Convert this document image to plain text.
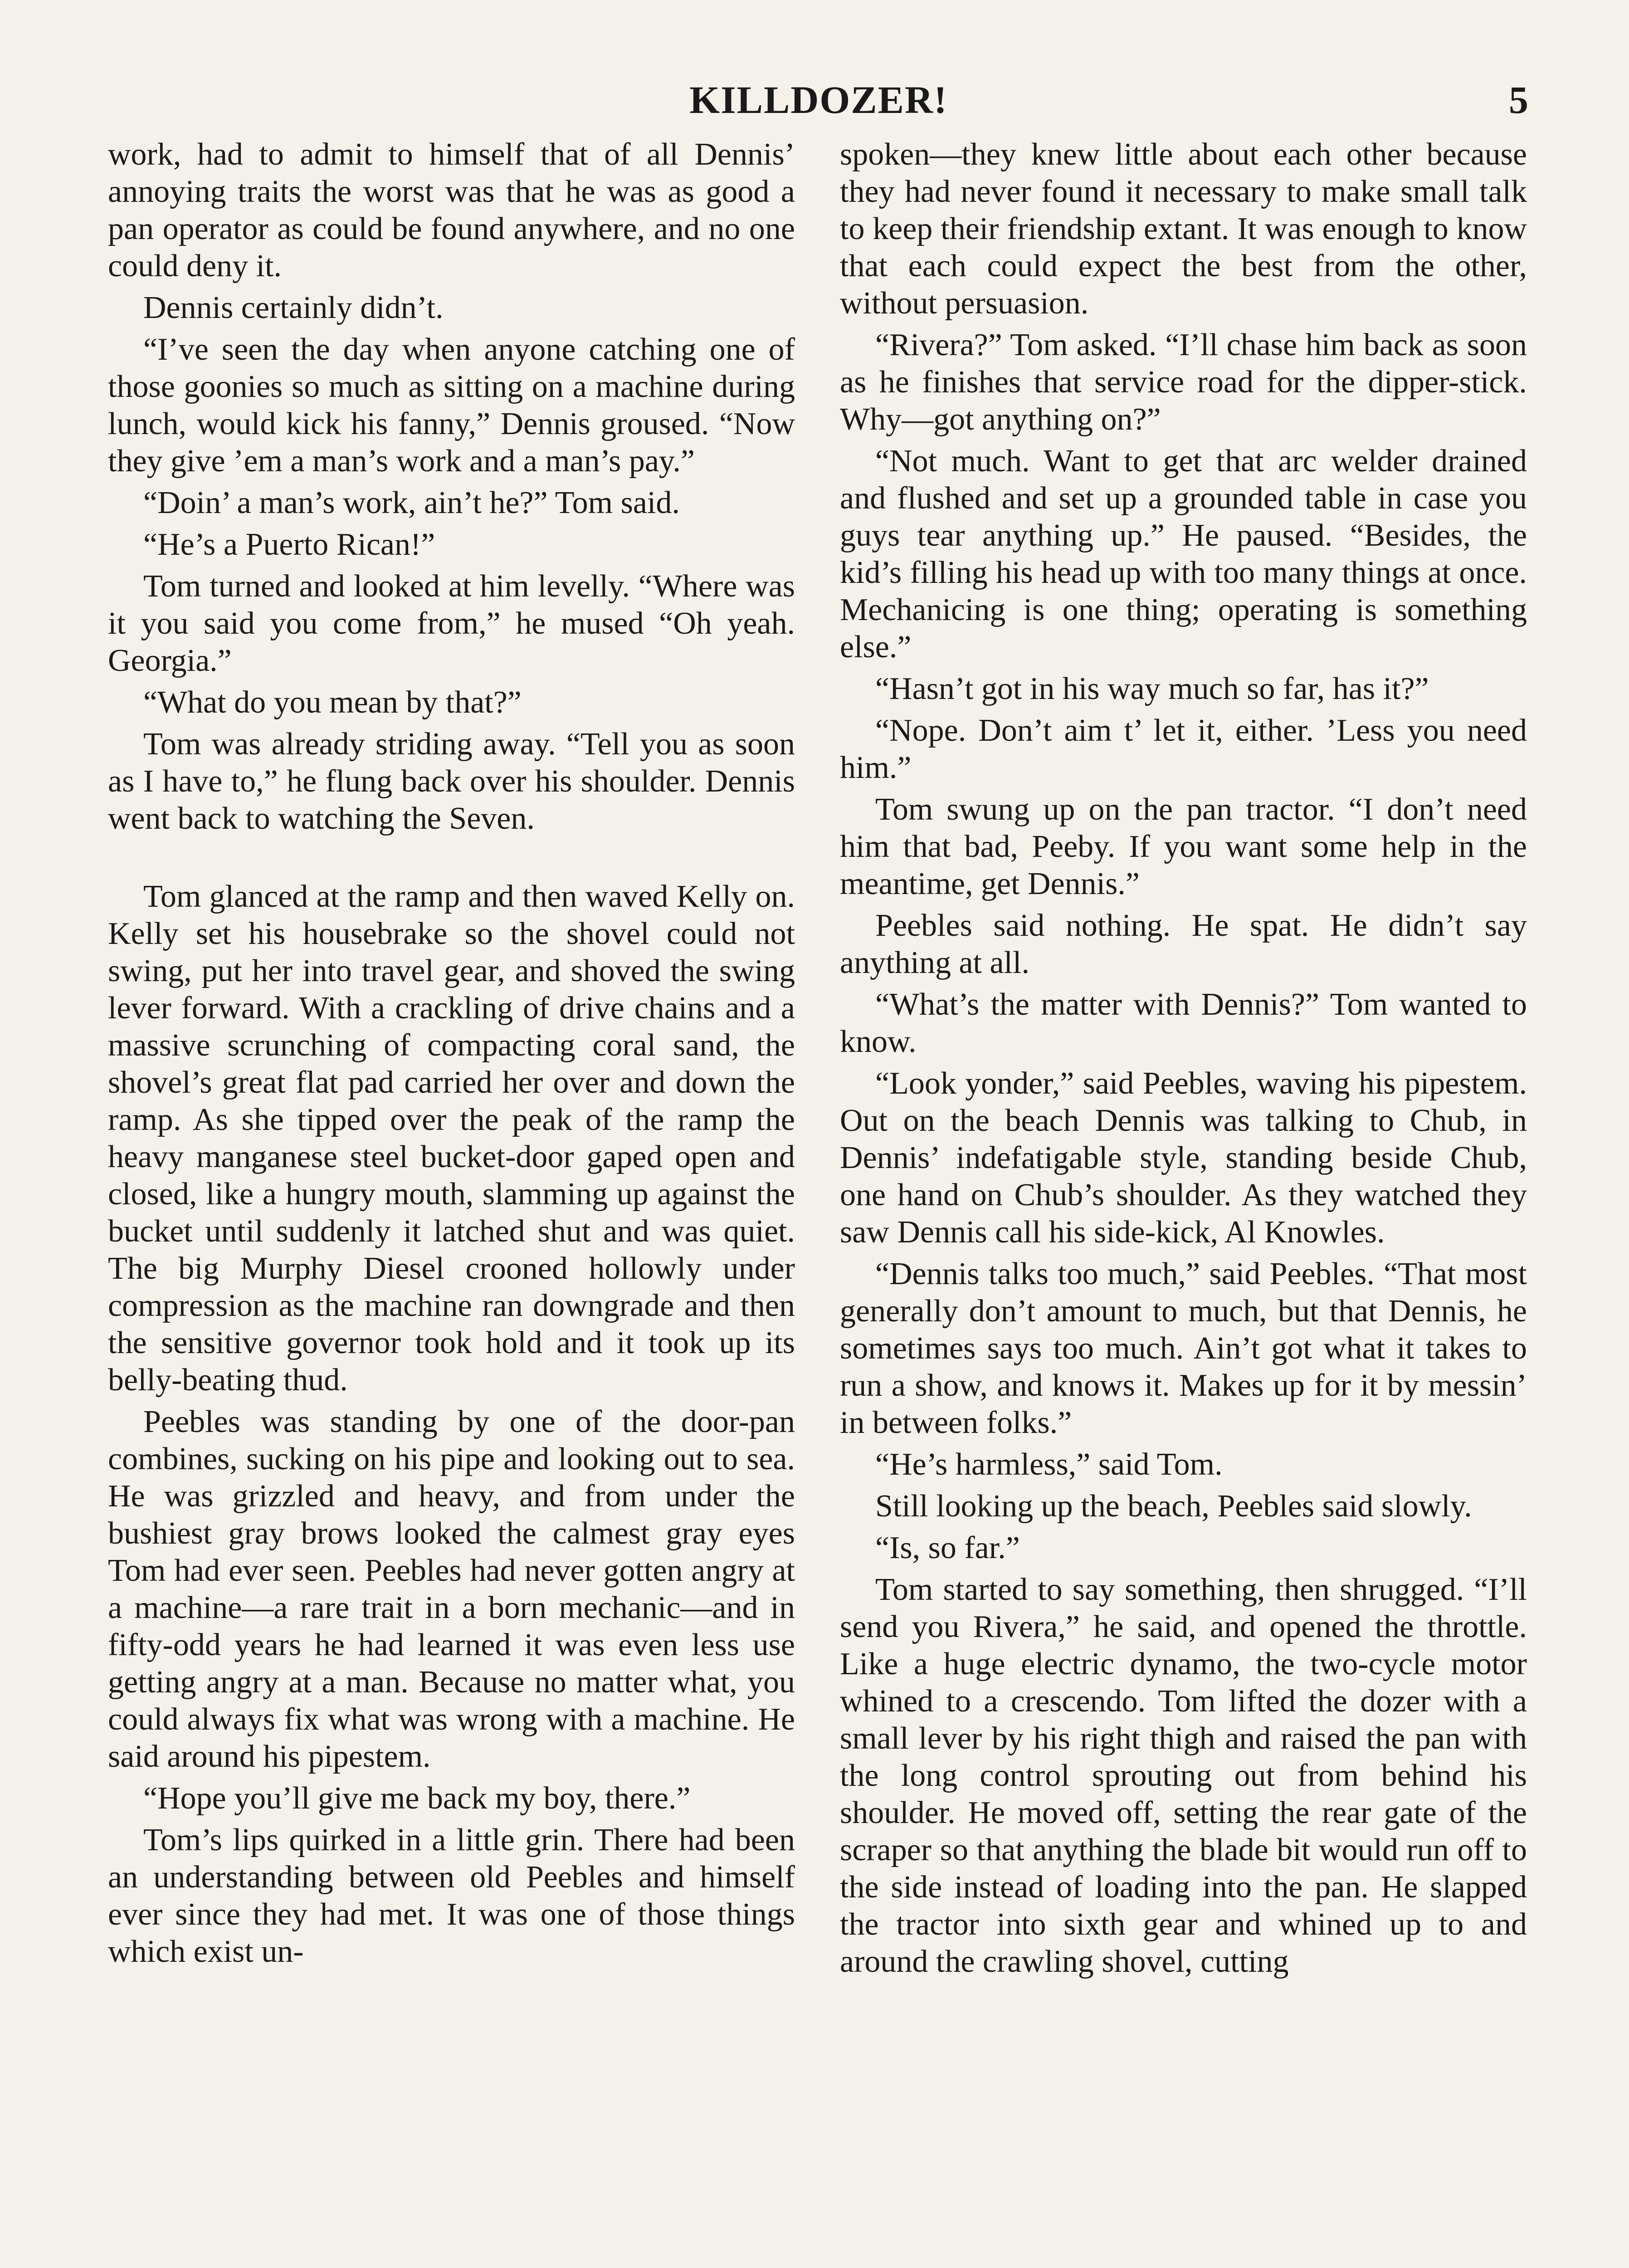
KILLDOZER!	5

work, had to admit to himself that of all Dennis’ annoying traits the worst was that he was as good a pan operator as could be found anywhere, and no one could deny it.

Dennis certainly didn’t.

“I’ve seen the day when anyone catching one of those goonies so much as sitting on a machine during lunch, would kick his fanny,” Dennis groused. “Now they give ’em a man’s work and a man’s pay.”

“Doin’ a man’s work, ain’t he?” Tom said.

“He’s a Puerto Rican!”

Tom turned and looked at him levelly. “Where was it you said you come from,” he mused “Oh yeah. Georgia.”

“What do you mean by that?”

Tom was already striding away. “Tell you as soon as I have to,” he flung back over his shoulder. Dennis went back to watching the Seven.

Tom glanced at the ramp and then waved Kelly on. Kelly set his housebrake so the shovel could not swing, put her into travel gear, and shoved the swing lever forward. With a crackling of drive chains and a massive scrunching of compacting coral sand, the shovel’s great flat pad carried her over and down the ramp. As she tipped over the peak of the ramp the heavy manganese steel bucket-door gaped open and closed, like a hungry mouth, slamming up against the bucket until suddenly it latched shut and was quiet. The big Murphy Diesel crooned hollowly under compression as the machine ran downgrade and then the sensitive governor took hold and it took up its belly-beating thud.

Peebles was standing by one of the door-pan combines, sucking on his pipe and looking out to sea. He was grizzled and heavy, and from under the bushiest gray brows looked the calmest gray eyes Tom had ever seen. Peebles had never gotten angry at a machine—a rare trait in a born mechanic—and in fifty-odd years he had learned it was even less use getting angry at a man. Because no matter what, you could always fix what was wrong with a machine. He said around his pipestem.

“Hope you’ll give me back my boy, there.”

Tom’s lips quirked in a little grin. There had been an understanding between old Peebles and himself ever since they had met. It was one of those things which exist un-

spoken—they knew little about each other because they had never found it necessary to make small talk to keep their friendship extant. It was enough to know that each could expect the best from the other, without persuasion.

“Rivera?” Tom asked. “I’ll chase him back as soon as he finishes that service road for the dipper-stick. Why—got anything on?”

“Not much. Want to get that arc welder drained and flushed and set up a grounded table in case you guys tear anything up.” He paused. “Besides, the kid’s filling his head up with too many things at once. Mechanicing is one thing; operating is something else.”

“Hasn’t got in his way much so far, has it?”

“Nope. Don’t aim t’ let it, either. ’Less you need him.”

Tom swung up on the pan tractor. “I don’t need him that bad, Peeby. If you want some help in the meantime, get Dennis.”

Peebles said nothing. He spat. He didn’t say anything at all.

“What’s the matter with Dennis?” Tom wanted to know.

“Look yonder,” said Peebles, waving his pipestem. Out on the beach Dennis was talking to Chub, in Dennis’ indefatigable style, standing beside Chub, one hand on Chub’s shoulder. As they watched they saw Dennis call his side-kick, Al Knowles.

“Dennis talks too much,” said Peebles. “That most generally don’t amount to much, but that Dennis, he sometimes says too much. Ain’t got what it takes to run a show, and knows it. Makes up for it by messin’ in between folks.”

“He’s harmless,” said Tom.

Still looking up the beach, Peebles said slowly.

“Is, so far.”

Tom started to say something, then shrugged. “I’ll send you Rivera,” he said, and opened the throttle. Like a huge electric dynamo, the two-cycle motor whined to a crescendo. Tom lifted the dozer with a small lever by his right thigh and raised the pan with the long control sprouting out from behind his shoulder. He moved off, setting the rear gate of the scraper so that anything the blade bit would run off to the side instead of loading into the pan. He slapped the tractor into sixth gear and whined up to and around the crawling shovel, cutting
